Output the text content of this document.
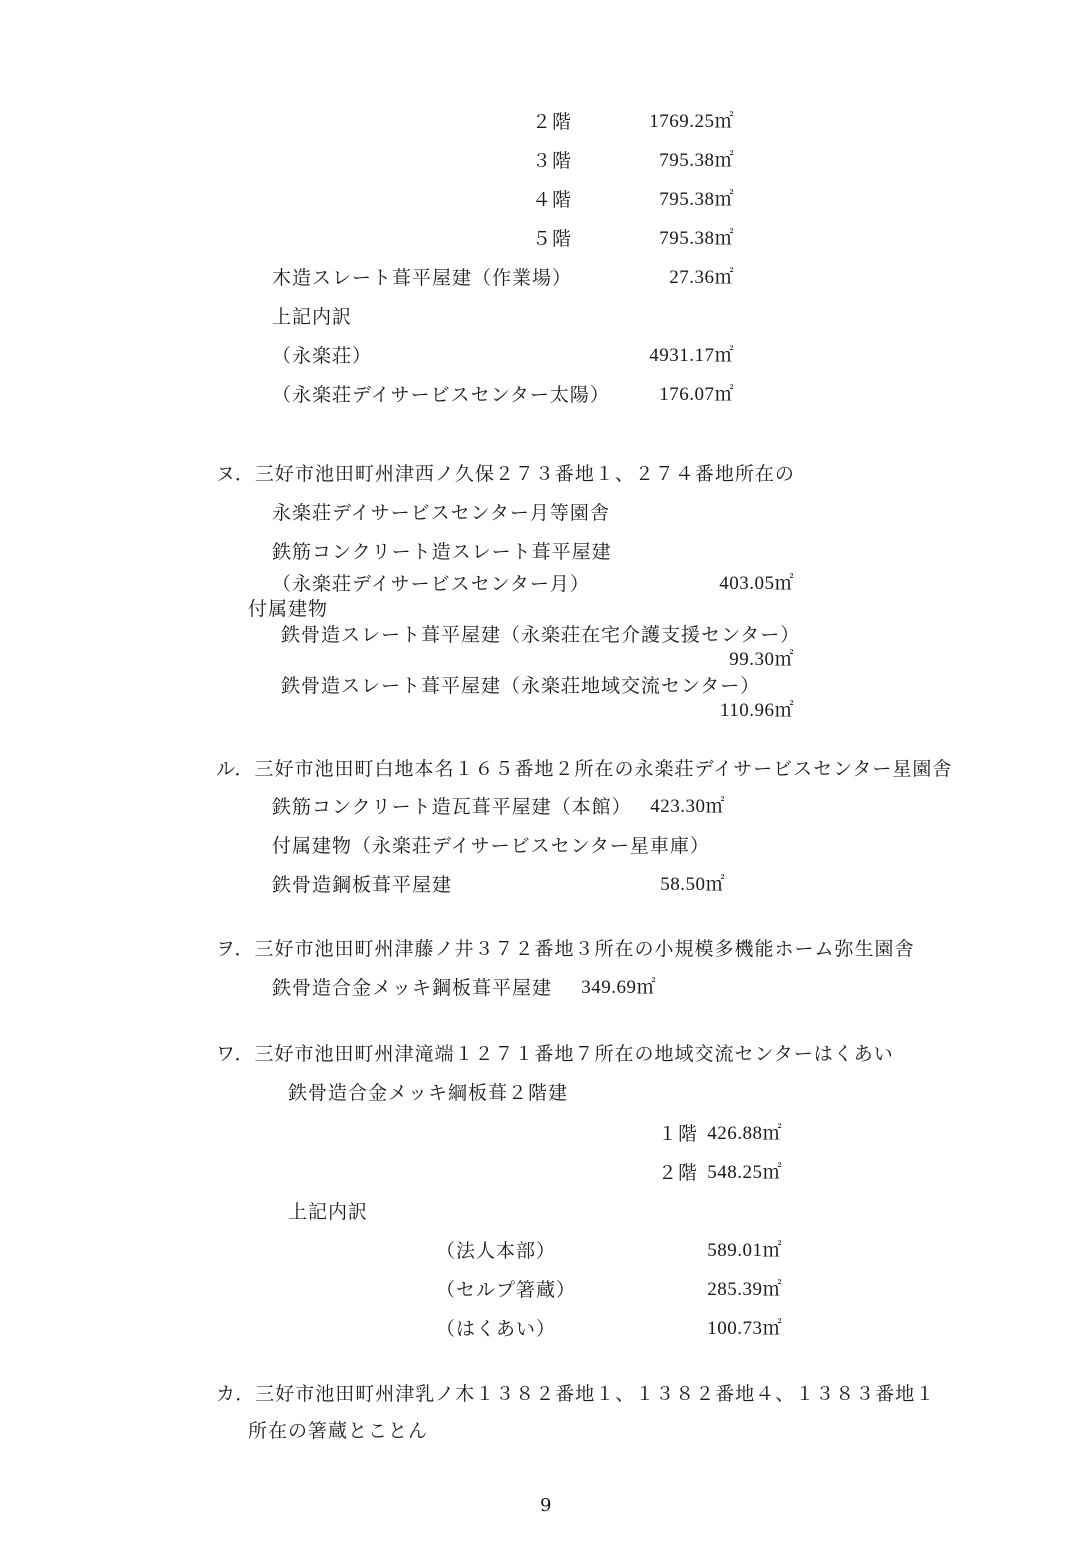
２階	1769.25㎡
３階	795.38㎡
４階	795.38㎡
５階	795.38㎡
木造スレート葺平屋建（作業場）	27.36㎡
上記内訳
（永楽荘）	4931.17㎡
（永楽荘デイサービスセンター太陽）	176.07㎡
ヌ．三好市池田町州津西ノ久保２７３番地１、２７４番地所在の
永楽荘デイサービスセンター月等園舎
鉄筋コンクリート造スレート葺平屋建
（永楽荘デイサービスセンター月）	403.05㎡
付属建物
鉄骨造スレート葺平屋建（永楽荘在宅介護支援センター）
99.30㎡
鉄骨造スレート葺平屋建（永楽荘地域交流センター）
110.96㎡
ル．三好市池田町白地本名１６５番地２所在の永楽荘デイサービスセンター星園舎
鉄筋コンクリート造瓦葺平屋建（本館） 423.30㎡
付属建物（永楽荘デイサービスセンター星車庫）
鉄骨造鋼板葺平屋建	58.50㎡
ヲ．三好市池田町州津藤ノ井３７２番地３所在の小規模多機能ホーム弥生園舎
鉄骨造合金メッキ鋼板葺平屋建 349.69㎡
ワ．三好市池田町州津滝端１２７１番地７所在の地域交流センターはくあい
鉄骨造合金メッキ綱板葺２階建
１階 426.88㎡
２階 548.25㎡
上記内訳
（法人本部）	589.01㎡
（セルプ箸蔵）	285.39㎡
（はくあい）	100.73㎡
カ．三好市池田町州津乳ノ木１３８２番地１、１３８２番地４、１３８３番地１
所在の箸蔵とことん
9
